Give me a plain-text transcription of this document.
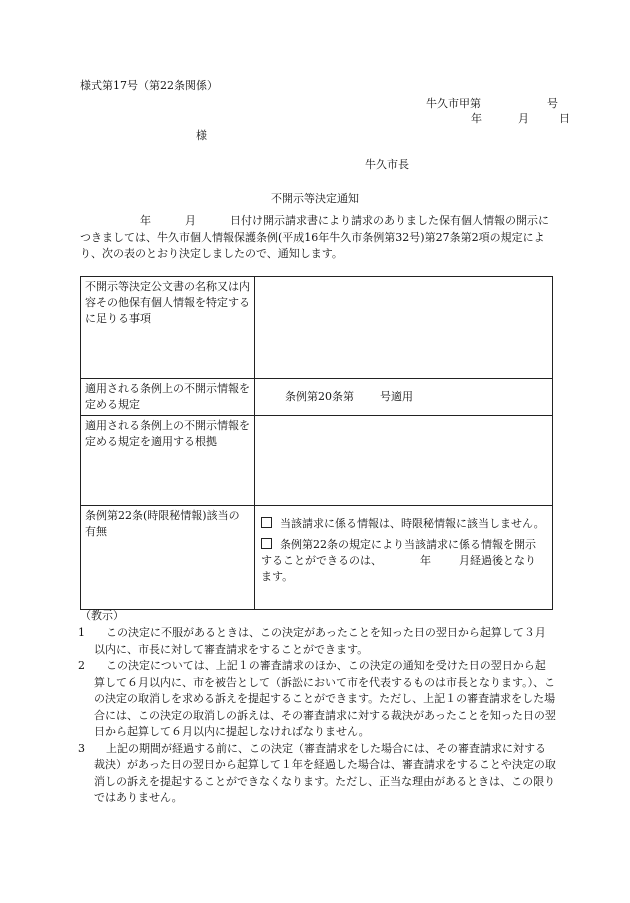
様式第17号（第22条関係）
牛久市甲第	号
年	月	日
様
牛久市長
不開示等決定通知

年	月	日付け開示請求書により請求のありました保有個人情報の開示につきましては、牛久市個人情報保護条例(平成16年牛久市条例第32号)第27条第2項の規定により、次の表のとおり決定しましたので、通知します。

不開示等決定公文書の名称又は内容その他保有個人情報を特定するに足りる事項	
適用される条例上の不開示情報を定める規定	条例第20条第 号適用
適用される条例上の不開示情報を定める規定を適用する根拠	
条例第22条(時限秘情報)該当の有無	当該請求に係る情報は、時限秘情報に該当しません。
条例第22条の規定により当該請求に係る情報を開示することができるのは、 年 月経過後となります。
（教示）
1	この決定に不服があるときは、この決定があったことを知った日の翌日から起算して３月以内に、市長に対して審査請求をすることができます。
2	この決定については、上記１の審査請求のほか、この決定の通知を受けた日の翌日から起算して６月以内に、市を被告として（訴訟において市を代表するものは市長となります。）、この決定の取消しを求める訴えを提起することができます。ただし、上記１の審査請求をした場合には、この決定の取消しの訴えは、その審査請求に対する裁決があったことを知った日の翌日から起算して６月以内に提起しなければなりません。
3	上記の期間が経過する前に、この決定（審査請求をした場合には、その審査請求に対する裁決）があった日の翌日から起算して１年を経過した場合は、審査請求をすることや決定の取消しの訴えを提起することができなくなります。ただし、正当な理由があるときは、この限りではありません。
